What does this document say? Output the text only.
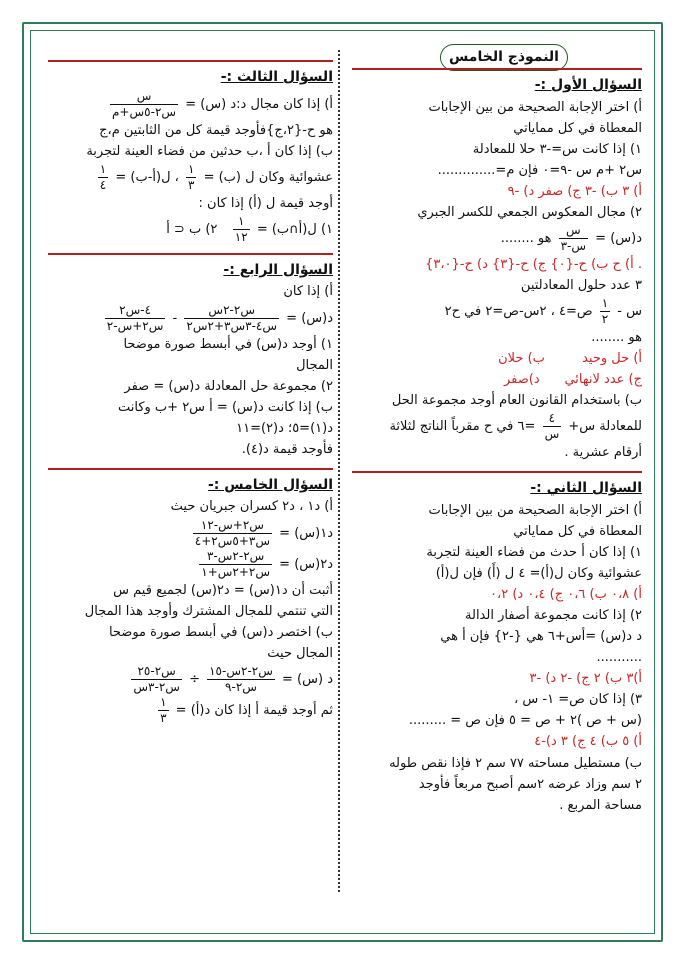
النموذج الخامس
السؤال الأول :-
أ) اختر الإجابة الصحيحة من بين الإجابات
المعطاة في كل مماياتي
١) إذا كانت س=-٣ حلا للمعادلة
س٢ +م س -٩=٠ فإن م=..............
أ) ٣ ب) -٣ ج) صفر د) -٩
٢) مجال المعكوس الجمعي للكسر الجبري
د(س) =
$\frac{\text{س}}{\text{س-٣}}$
هو ........
. أ) ح ب) ح-{٠} ج) ح-{٣} د) ح-{٣،٠}
٣ عدد حلول المعادلتين
س -
$\frac{١}{٢}$
ص=٤ ، ٢س-ص=٢ في ح٢
هو ........
أ) حل وحيد         ب) حلان
ج) عدد لانهائي      د)صفر
ب) باستخدام القانون العام أوجد مجموعة الحل
للمعادلة س+
$\frac{٤}{\text{س}}$
=٦ في ح مقرباً الناتج لثلاثة
أرقام عشرية .
السؤال الثاني :-
أ) اختر الإجابة الصحيحة من بين الإجابات
المعطاة في كل مماياتي
١) إذا كان أ حدث من فضاء العينة لتجربة
عشوائية وكان ل(أ)= ٤ ل (أَ) فإن ل(أ)
أ) ٠،٨ ب) ٠،٦ ج) ٠،٤ د) ٠،٢
٢) إذا كانت مجموعة أصفار الدالة
د د(س) =أس+٦ هي {-٢} فإن أ هي
...........
أ)٣ ب) ٢ ج) -٢ د) -٣
٣) إذا كان ص= ١- س ،
(س + ص )٢ + ص = ٥ فإن ص = .........
أ) ٥ ب) ٤ ج) ٣ د)-٤
ب) مستطيل مساحته ٧٧ سم ٢ فإذا نقص طوله
٢ سم وزاد عرضه ٢سم أصبح مربعاً فأوجد
مساحة المربع .
السؤال الثالث :-
أ) إذا كان مجال د:د (س) =
$\frac{\text{س}}{\text{س٢-٥س+م}}$
هو ح-{٢،ج}فأوجد قيمة كل من الثابتين م،ج
ب) إذا كان أ ،ب حدثين من فضاء العينة لتجربة
عشوائية وكان ل (ب) =
$\frac{١}{٣}$
، ل(أ-ب) =
$\frac{١}{٤}$
أوجد قيمة ل (أ) إذا كان :
١) ل(أ∩ب) =
$\frac{١}{١٢}$
٢) ب ⊂ أ
السؤال الرابع :-
أ) إذا كان
د(س) =
$\frac{\text{س٢-٢س}}{\text{س٤-٣س٣+٢س٢}}$
-
$\frac{\text{٤-س٢}}{\text{س٢+س-٢}}$
١) أوجد د(س) في أبسط صورة موضحا
المجال
٢) مجموعة حل المعادلة د(س) = صفر
ب) إذا كانت د(س) = أ س٢ +ب وكانت
د(١)=٥؛ د(٢)=١١
فأوجد قيمة د(٤).
السؤال الخامس :-
أ) د١ ، د٢ كسران جبريان حيث
د١(س) =
$\frac{\text{س٢+س-١٢}}{\text{س٣+٥س٢+٤}}$
د٢(س) =
$\frac{\text{س٢-٢س-٣}}{\text{س٢+٢س+١}}$
أثبت أن د١(س) = د٢(س) لجميع قيم س
التي تنتمي للمجال المشترك وأوجد هذا المجال
ب) اختصر د(س) في أبسط صورة موضحا
المجال حيث
د (س) =
$\frac{\text{س٢-٢س-١٥}}{\text{س٢-٩}}$
÷
$\frac{\text{س٢-٢٥}}{\text{س٢-٣س}}$
ثم أوجد قيمة أ إذا كان د(أ) =
$\frac{١}{٣}$
